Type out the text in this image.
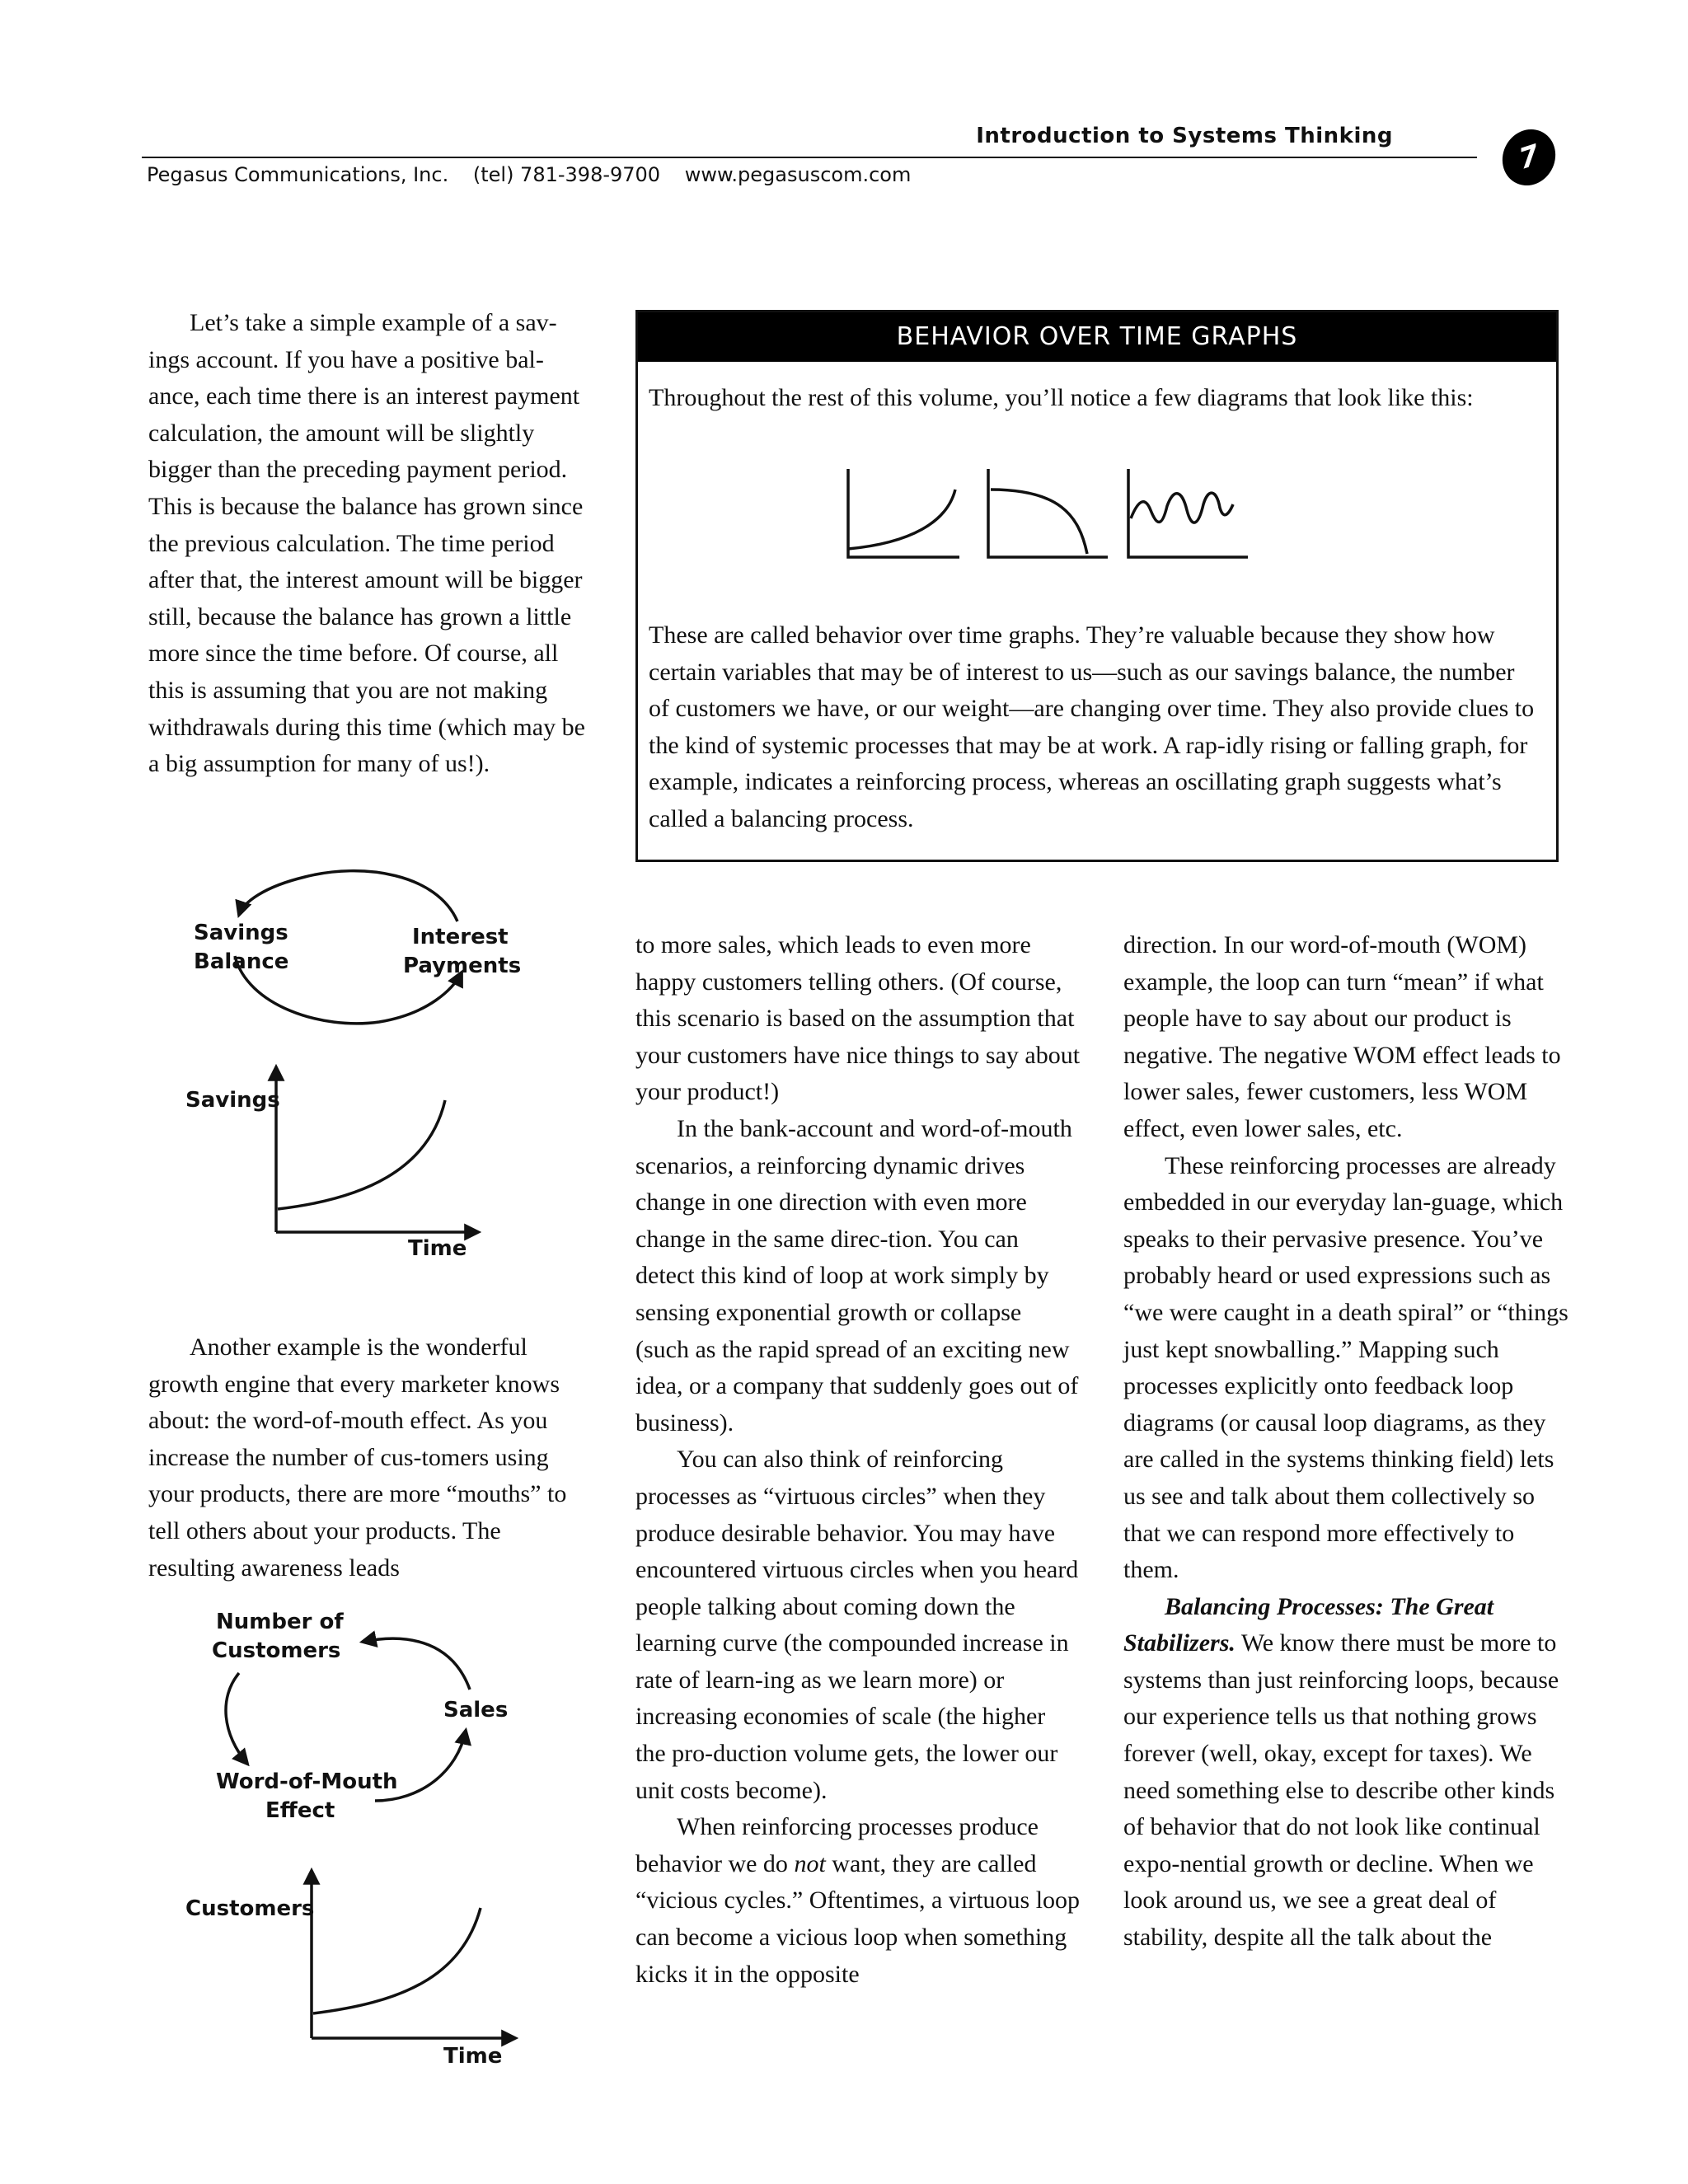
Introduction to Systems Thinking
Pegasus Communications, Inc. (tel) 781-398-9700 www.pegasuscom.com	7

Let’s take a simple example of a sav-ings account. If you have a positive bal-ance, each time there is an interest payment calculation, the amount will be slightly bigger than the preceding payment period. This is because the balance has grown since the previous calculation. The time period after that, the interest amount will be bigger still, because the balance has grown a little more since the time before. Of course, all this is assuming that you are not making withdrawals during this time (which may be a big assumption for many of us!).

Savings
Balance
Interest
Payments
Savings
Time

Another example is the wonderful growth engine that every marketer knows about: the word-of-mouth effect. As you increase the number of cus-tomers using your products, there are more “mouths” to tell others about your products. The resulting awareness leads

Number of
Customers
Sales
Word-of-Mouth
Effect
Customers
Time
BEHAVIOR OVER TIME GRAPHS

Throughout the rest of this volume, you’ll notice a few diagrams that look like this:

These are called behavior over time graphs. They’re valuable because they show how certain variables that may be of interest to us—such as our savings balance, the number of customers we have, or our weight—are changing over time. They also provide clues to the kind of systemic processes that may be at work. A rap-idly rising or falling graph, for example, indicates a reinforcing process, whereas an oscillating graph suggests what’s called a balancing process.

to more sales, which leads to even more happy customers telling others. (Of course, this scenario is based on the assumption that your customers have nice things to say about your product!)

In the bank-account and word-of-mouth scenarios, a reinforcing dynamic drives change in one direction with even more change in the same direc-tion. You can detect this kind of loop at work simply by sensing exponential growth or collapse (such as the rapid spread of an exciting new idea, or a company that suddenly goes out of business).

You can also think of reinforcing processes as “virtuous circles” when they produce desirable behavior. You may have encountered virtuous circles when you heard people talking about coming down the learning curve (the compounded increase in rate of learn-ing as we learn more) or increasing economies of scale (the higher the pro-duction volume gets, the lower our unit costs become).

When reinforcing processes produce behavior we do not want, they are called “vicious cycles.” Oftentimes, a virtuous loop can become a vicious loop when something kicks it in the opposite

direction. In our word-of-mouth (WOM) example, the loop can turn “mean” if what people have to say about our product is negative. The negative WOM effect leads to lower sales, fewer customers, less WOM effect, even lower sales, etc.

These reinforcing processes are already embedded in our everyday lan-guage, which speaks to their pervasive presence. You’ve probably heard or used expressions such as “we were caught in a death spiral” or “things just kept snowballing.” Mapping such processes explicitly onto feedback loop diagrams (or causal loop diagrams, as they are called in the systems thinking field) lets us see and talk about them collectively so that we can respond more effectively to them.

Balancing Processes: The Great Stabilizers. We know there must be more to systems than just reinforcing loops, because our experience tells us that nothing grows forever (well, okay, except for taxes). We need something else to describe other kinds of behavior that do not look like continual expo-nential growth or decline. When we look around us, we see a great deal of stability, despite all the talk about the
